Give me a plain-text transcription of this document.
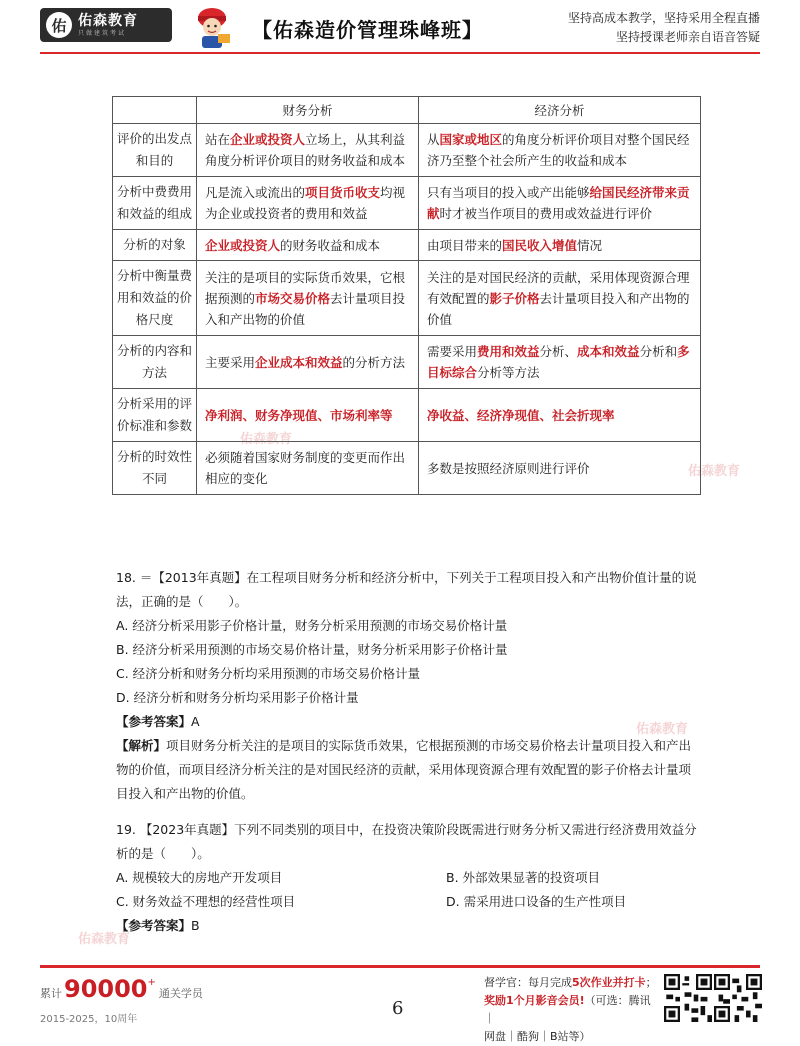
佑 佑森教育
只做建筑考试	【佑森造价管理珠峰班】	坚持高成本教学，坚持采用全程直播
坚持授课老师亲自语音答疑
佑森教育
佑森教育
佑森教育
佑森教育
	财务分析	经济分析
评价的出发点和目的	站在企业或投资人立场上，从其利益角度分析评价项目的财务收益和成本	从国家或地区的角度分析评价项目对整个国民经济乃至整个社会所产生的收益和成本
分析中费费用和效益的组成	凡是流入或流出的项目货币收支均视为企业或投资者的费用和效益	只有当项目的投入或产出能够给国民经济带来贡献时才被当作项目的费用或效益进行评价
分析的对象	企业或投资人的财务收益和成本	由项目带来的国民收入增值情况
分析中衡量费用和效益的价格尺度	关注的是项目的实际货币效果，它根据预测的市场交易价格去计量项目投入和产出物的价值	关注的是对国民经济的贡献，采用体现资源合理有效配置的影子价格去计量项目投入和产出物的价值
分析的内容和方法	主要采用企业成本和效益的分析方法	需要采用费用和效益分析、成本和效益分析和多目标综合分析等方法
分析采用的评价标准和参数	净利润、财务净现值、市场利率等	净收益、经济净现值、社会折现率
分析的时效性不同	必须随着国家财务制度的变更而作出相应的变化	多数是按照经济原则进行评价
18. ＝【2013年真题】在工程项目财务分析和经济分析中，下列关于工程项目投入和产出物价值计量的说法，正确的是（　　）。
A. 经济分析采用影子价格计量，财务分析采用预测的市场交易价格计量
B. 经济分析采用预测的市场交易价格计量，财务分析采用影子价格计量
C. 经济分析和财务分析均采用预测的市场交易价格计量
D. 经济分析和财务分析均采用影子价格计量
【参考答案】A
【解析】项目财务分析关注的是项目的实际货币效果，它根据预测的市场交易价格去计量项目投入和产出物的价值，而项目经济分析关注的是对国民经济的贡献，采用体现资源合理有效配置的影子价格去计量项目投入和产出物的价值。
19. 【2023年真题】下列不同类别的项目中，在投资决策阶段既需进行财务分析又需进行经济费用效益分析的是（　　）。
A. 规模较大的房地产开发项目	B. 外部效果显著的投资项目
C. 财务效益不理想的经营性项目	D. 需采用进口设备的生产性项目
【参考答案】B
累计 90000 +
通关学员
2015-2025，10周年
6
督学官：每月完成5次作业并打卡；
奖励1个月影音会员!（可选：腾讯｜
网盘｜酷狗｜B站等）
